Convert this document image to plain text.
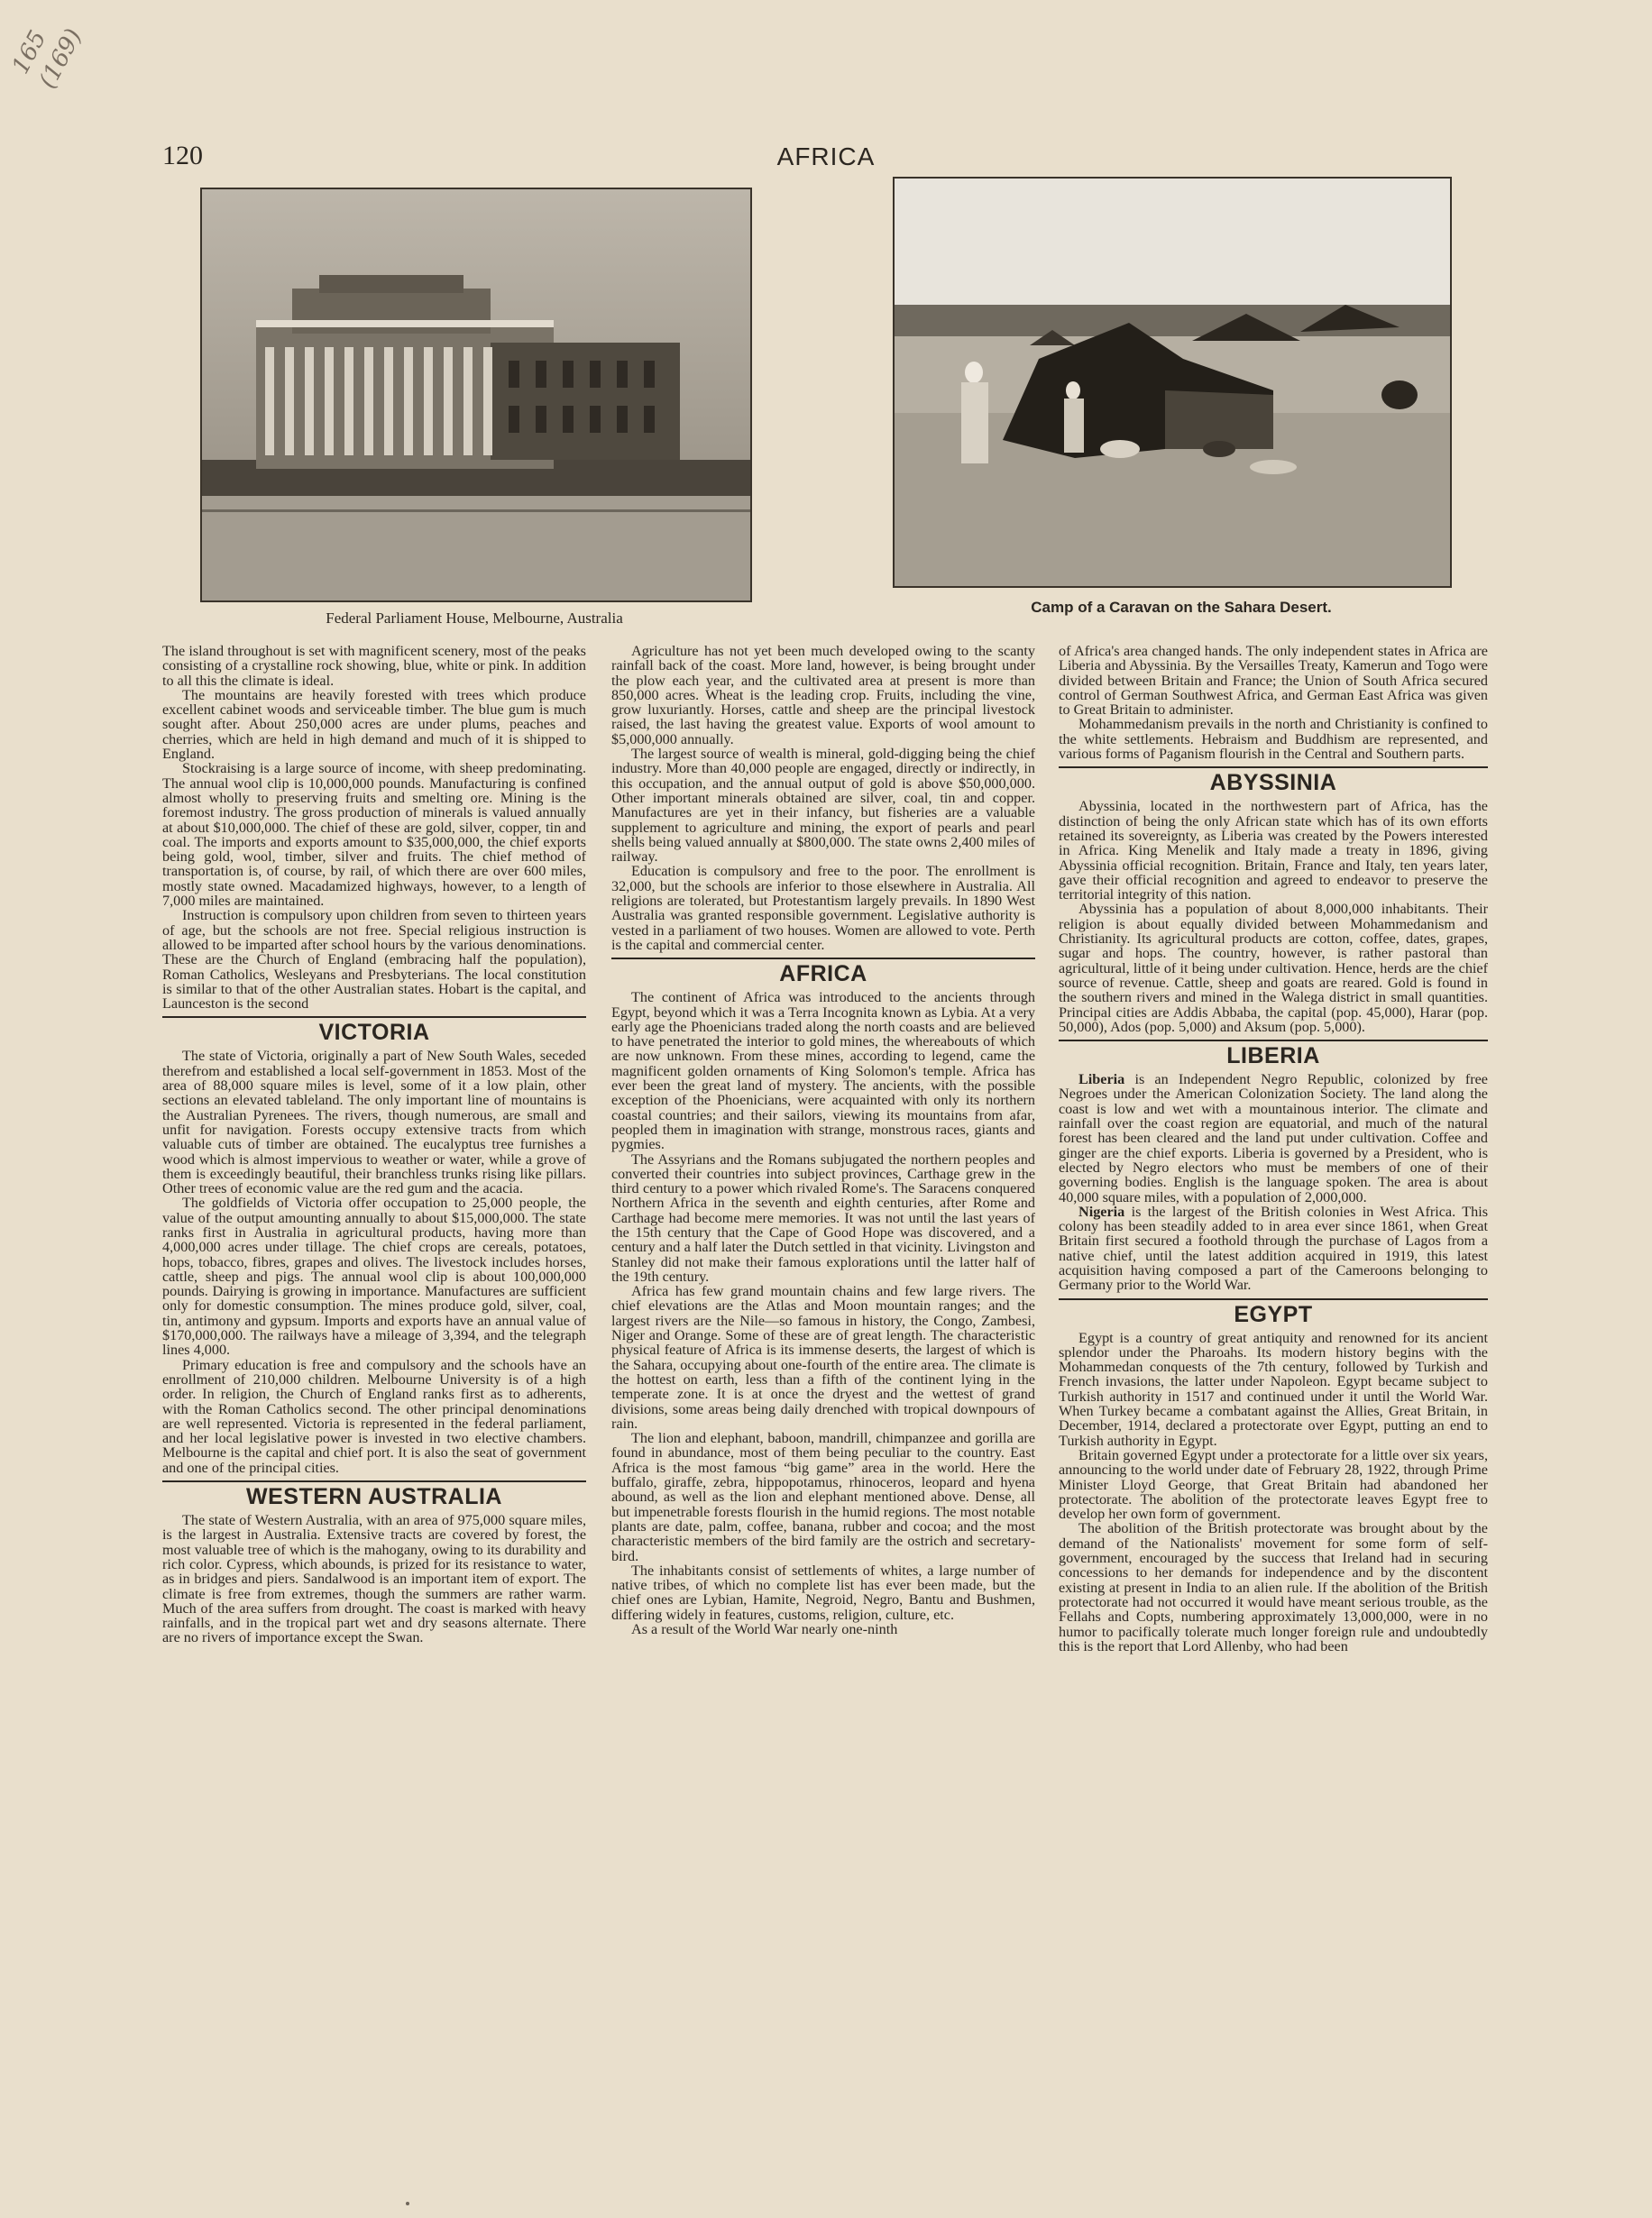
165
(169)
120	AFRICA
Federal Parliament House, Melbourne, Australia
Camp of a Caravan on the Sahara Desert.

The island throughout is set with magnificent scenery, most of the peaks consisting of a crystalline rock showing, blue, white or pink. In addition to all this the climate is ideal.

The mountains are heavily forested with trees which produce excellent cabinet woods and serviceable timber. The blue gum is much sought after. About 250,000 acres are under plums, peaches and cherries, which are held in high demand and much of it is shipped to England.

Stockraising is a large source of income, with sheep predominating. The annual wool clip is 10,000,000 pounds. Manufacturing is confined almost wholly to preserving fruits and smelting ore. Mining is the foremost industry. The gross production of minerals is valued annually at about $10,000,000. The chief of these are gold, silver, copper, tin and coal. The imports and exports amount to $35,000,000, the chief exports being gold, wool, timber, silver and fruits. The chief method of transportation is, of course, by rail, of which there are over 600 miles, mostly state owned. Macadamized highways, however, to a length of 7,000 miles are maintained.

Instruction is compulsory upon children from seven to thirteen years of age, but the schools are not free. Special religious instruction is allowed to be imparted after school hours by the various denominations. These are the Church of England (embracing half the population), Roman Catholics, Wesleyans and Presbyterians. The local constitution is similar to that of the other Australian states. Hobart is the capital, and Launceston is the second

VICTORIA

The state of Victoria, originally a part of New South Wales, seceded therefrom and established a local self-government in 1853. Most of the area of 88,000 square miles is level, some of it a low plain, other sections an elevated tableland. The only important line of mountains is the Australian Pyrenees. The rivers, though numerous, are small and unfit for navigation. Forests occupy extensive tracts from which valuable cuts of timber are obtained. The eucalyptus tree furnishes a wood which is almost impervious to weather or water, while a grove of them is exceedingly beautiful, their branchless trunks rising like pillars. Other trees of economic value are the red gum and the acacia.

The goldfields of Victoria offer occupation to 25,000 people, the value of the output amounting annually to about $15,000,000. The state ranks first in Australia in agricultural products, having more than 4,000,000 acres under tillage. The chief crops are cereals, potatoes, hops, tobacco, fibres, grapes and olives. The livestock includes horses, cattle, sheep and pigs. The annual wool clip is about 100,000,000 pounds. Dairying is growing in importance. Manufactures are sufficient only for domestic consumption. The mines produce gold, silver, coal, tin, antimony and gypsum. Imports and exports have an annual value of $170,000,000. The railways have a mileage of 3,394, and the telegraph lines 4,000.

Primary education is free and compulsory and the schools have an enrollment of 210,000 children. Melbourne University is of a high order. In religion, the Church of England ranks first as to adherents, with the Roman Catholics second. The other principal denominations are well represented. Victoria is represented in the federal parliament, and her local legislative power is invested in two elective chambers. Melbourne is the capital and chief port. It is also the seat of government and one of the principal cities.

WESTERN AUSTRALIA

The state of Western Australia, with an area of 975,000 square miles, is the largest in Australia. Extensive tracts are covered by forest, the most valuable tree of which is the mahogany, owing to its durability and rich color. Cypress, which abounds, is prized for its resistance to water, as in bridges and piers. Sandalwood is an important item of export. The climate is free from extremes, though the summers are rather warm. Much of the area suffers from drought. The coast is marked with heavy rainfalls, and in the tropical part wet and dry seasons alternate. There are no rivers of importance except the Swan.

Agriculture has not yet been much developed owing to the scanty rainfall back of the coast. More land, however, is being brought under the plow each year, and the cultivated area at present is more than 850,000 acres. Wheat is the leading crop. Fruits, including the vine, grow luxuriantly. Horses, cattle and sheep are the principal livestock raised, the last having the greatest value. Exports of wool amount to $5,000,000 annually.

The largest source of wealth is mineral, gold-digging being the chief industry. More than 40,000 people are engaged, directly or indirectly, in this occupation, and the annual output of gold is above $50,000,000. Other important minerals obtained are silver, coal, tin and copper. Manufactures are yet in their infancy, but fisheries are a valuable supplement to agriculture and mining, the export of pearls and pearl shells being valued annually at $800,000. The state owns 2,400 miles of railway.

Education is compulsory and free to the poor. The enrollment is 32,000, but the schools are inferior to those elsewhere in Australia. All religions are tolerated, but Protestantism largely prevails. In 1890 West Australia was granted responsible government. Legislative authority is vested in a parliament of two houses. Women are allowed to vote. Perth is the capital and commercial center.

AFRICA

The continent of Africa was introduced to the ancients through Egypt, beyond which it was a Terra Incognita known as Lybia. At a very early age the Phoenicians traded along the north coasts and are believed to have penetrated the interior to gold mines, the whereabouts of which are now unknown. From these mines, according to legend, came the magnificent golden ornaments of King Solomon's temple. Africa has ever been the great land of mystery. The ancients, with the possible exception of the Phoenicians, were acquainted with only its northern coastal countries; and their sailors, viewing its mountains from afar, peopled them in imagination with strange, monstrous races, giants and pygmies.

The Assyrians and the Romans subjugated the northern peoples and converted their countries into subject provinces, Carthage grew in the third century to a power which rivaled Rome's. The Saracens conquered Northern Africa in the seventh and eighth centuries, after Rome and Carthage had become mere memories. It was not until the last years of the 15th century that the Cape of Good Hope was discovered, and a century and a half later the Dutch settled in that vicinity. Livingston and Stanley did not make their famous explorations until the latter half of the 19th century.

Africa has few grand mountain chains and few large rivers. The chief elevations are the Atlas and Moon mountain ranges; and the largest rivers are the Nile—so famous in history, the Congo, Zambesi, Niger and Orange. Some of these are of great length. The characteristic physical feature of Africa is its immense deserts, the largest of which is the Sahara, occupying about one-fourth of the entire area. The climate is the hottest on earth, less than a fifth of the continent lying in the temperate zone. It is at once the dryest and the wettest of grand divisions, some areas being daily drenched with tropical downpours of rain.

The lion and elephant, baboon, mandrill, chimpanzee and gorilla are found in abundance, most of them being peculiar to the country. East Africa is the most famous “big game” area in the world. Here the buffalo, giraffe, zebra, hippopotamus, rhinoceros, leopard and hyena abound, as well as the lion and elephant mentioned above. Dense, all but impenetrable forests flourish in the humid regions. The most notable plants are date, palm, coffee, banana, rubber and cocoa; and the most characteristic members of the bird family are the ostrich and secretary-bird.

The inhabitants consist of settlements of whites, a large number of native tribes, of which no complete list has ever been made, but the chief ones are Lybian, Hamite, Negroid, Negro, Bantu and Bushmen, differing widely in features, customs, religion, culture, etc.

As a result of the World War nearly one-ninth

of Africa's area changed hands. The only independent states in Africa are Liberia and Abyssinia. By the Versailles Treaty, Kamerun and Togo were divided between Britain and France; the Union of South Africa secured control of German Southwest Africa, and German East Africa was given to Great Britain to administer.

Mohammedanism prevails in the north and Christianity is confined to the white settlements. Hebraism and Buddhism are represented, and various forms of Paganism flourish in the Central and Southern parts.

ABYSSINIA

Abyssinia, located in the northwestern part of Africa, has the distinction of being the only African state which has of its own efforts retained its sovereignty, as Liberia was created by the Powers interested in Africa. King Menelik and Italy made a treaty in 1896, giving Abyssinia official recognition. Britain, France and Italy, ten years later, gave their official recognition and agreed to endeavor to preserve the territorial integrity of this nation.

Abyssinia has a population of about 8,000,000 inhabitants. Their religion is about equally divided between Mohammedanism and Christianity. Its agricultural products are cotton, coffee, dates, grapes, sugar and hops. The country, however, is rather pastoral than agricultural, little of it being under cultivation. Hence, herds are the chief source of revenue. Cattle, sheep and goats are reared. Gold is found in the southern rivers and mined in the Walega district in small quantities. Principal cities are Addis Abbaba, the capital (pop. 45,000), Harar (pop. 50,000), Ados (pop. 5,000) and Aksum (pop. 5,000).

LIBERIA

Liberia is an Independent Negro Republic, colonized by free Negroes under the American Colonization Society. The land along the coast is low and wet with a mountainous interior. The climate and rainfall over the coast region are equatorial, and much of the natural forest has been cleared and the land put under cultivation. Coffee and ginger are the chief exports. Liberia is governed by a President, who is elected by Negro electors who must be members of one of their governing bodies. English is the language spoken. The area is about 40,000 square miles, with a population of 2,000,000.

Nigeria is the largest of the British colonies in West Africa. This colony has been steadily added to in area ever since 1861, when Great Britain first secured a foothold through the purchase of Lagos from a native chief, until the latest addition acquired in 1919, this latest acquisition having composed a part of the Cameroons belonging to Germany prior to the World War.

EGYPT

Egypt is a country of great antiquity and renowned for its ancient splendor under the Pharoahs. Its modern history begins with the Mohammedan conquests of the 7th century, followed by Turkish and French invasions, the latter under Napoleon. Egypt became subject to Turkish authority in 1517 and continued under it until the World War. When Turkey became a combatant against the Allies, Great Britain, in December, 1914, declared a protectorate over Egypt, putting an end to Turkish authority in Egypt.

Britain governed Egypt under a protectorate for a little over six years, announcing to the world under date of February 28, 1922, through Prime Minister Lloyd George, that Great Britain had abandoned her protectorate. The abolition of the protectorate leaves Egypt free to develop her own form of government.

The abolition of the British protectorate was brought about by the demand of the Nationalists' movement for some form of self-government, encouraged by the success that Ireland had in securing concessions to her demands for independence and by the discontent existing at present in India to an alien rule. If the abolition of the British protectorate had not occurred it would have meant serious trouble, as the Fellahs and Copts, numbering approximately 13,000,000, were in no humor to pacifically tolerate much longer foreign rule and undoubtedly this is the report that Lord Allenby, who had been
